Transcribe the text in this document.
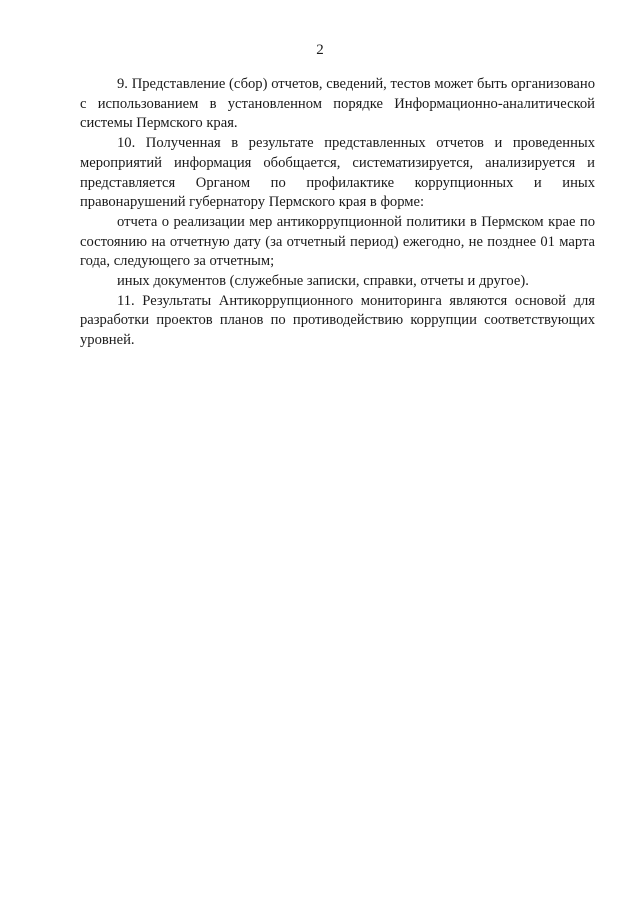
2

9. Представление (сбор) отчетов, сведений, тестов может быть организовано с использованием в установленном порядке Информационно-аналитической системы Пермского края.

10. Полученная в результате представленных отчетов и проведенных мероприятий информация обобщается, систематизируется, анализируется и представляется Органом по профилактике коррупционных и иных правонарушений губернатору Пермского края в форме:

отчета о реализации мер антикоррупционной политики в Пермском крае по состоянию на отчетную дату (за отчетный период) ежегодно, не позднее 01 марта года, следующего за отчетным;

иных документов (служебные записки, справки, отчеты и другое).

11. Результаты Антикоррупционного мониторинга являются основой для разработки проектов планов по противодействию коррупции соответствующих уровней.
